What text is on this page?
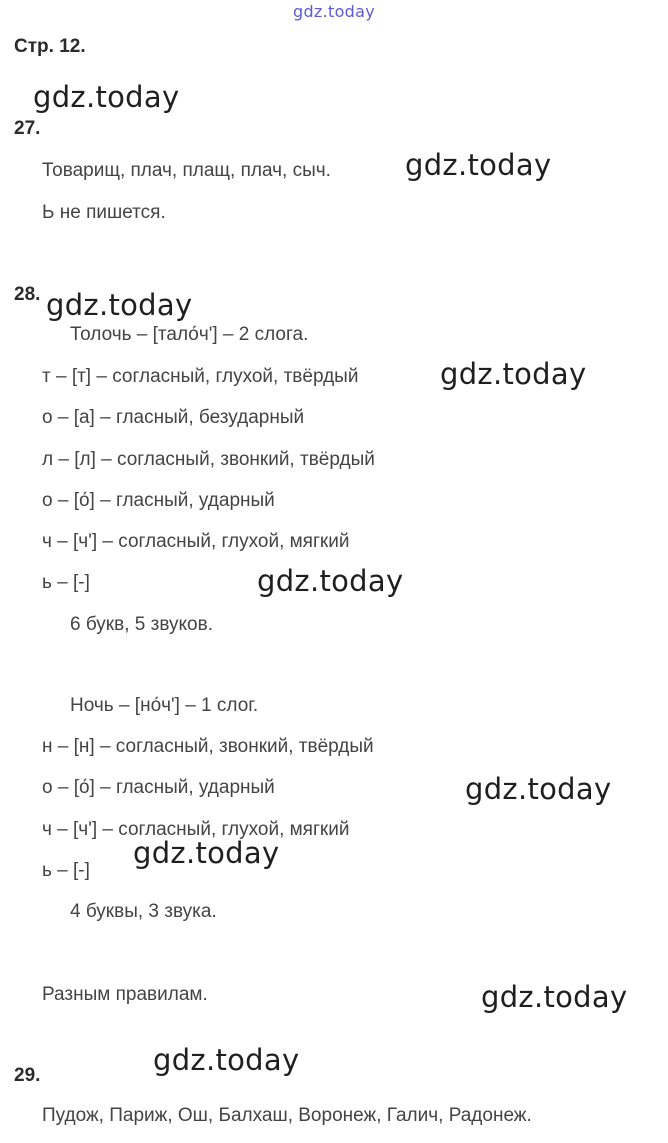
gdz.today
Стр. 12.
27.
Товарищ, плач, плащ, плач, сыч.
Ь не пишется.
28.
Толочь – [тало́ч'] – 2 слога.
т – [т] – согласный, глухой, твёрдый
о – [а] – гласный, безударный
л – [л] – согласный, звонкий, твёрдый
о – [о́] – гласный, ударный
ч – [ч'] – согласный, глухой, мягкий
ь – [-]
6 букв, 5 звуков.
Ночь – [но́ч'] – 1 слог.
н – [н] – согласный, звонкий, твёрдый
о – [о́] – гласный, ударный
ч – [ч'] – согласный, глухой, мягкий
ь – [-]
4 буквы, 3 звука.
Разным правилам.
29.
Пудож, Париж, Ош, Балхаш, Воронеж, Галич, Радонеж.
gdz.today
gdz.today
gdz.today
gdz.today
gdz.today
gdz.today
gdz.today
gdz.today
gdz.today
